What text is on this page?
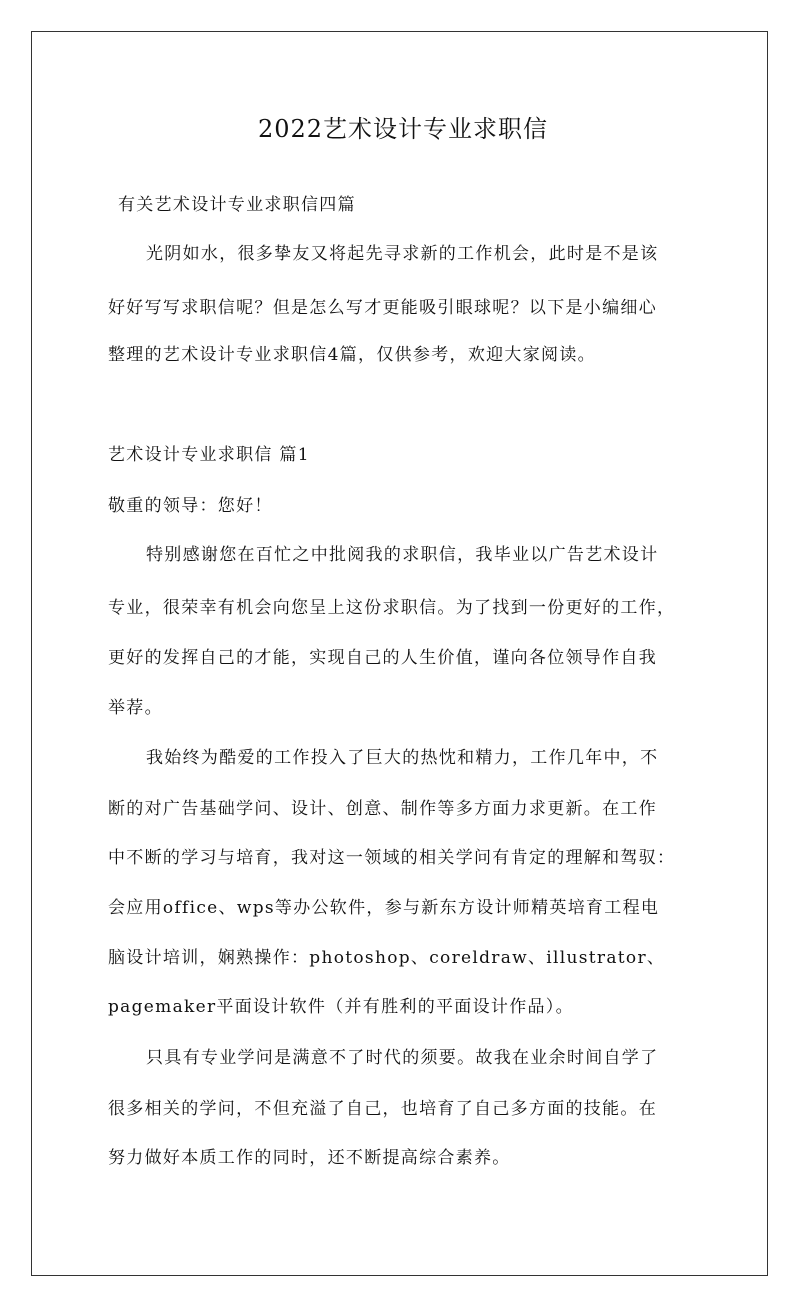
2022艺术设计专业求职信
有关艺术设计专业求职信四篇
光阴如水，很多挚友又将起先寻求新的工作机会，此时是不是该
好好写写求职信呢？但是怎么写才更能吸引眼球呢？以下是小编细心
整理的艺术设计专业求职信4篇，仅供参考，欢迎大家阅读。
艺术设计专业求职信 篇1
敬重的领导：您好！
特别感谢您在百忙之中批阅我的求职信，我毕业以广告艺术设计
专业，很荣幸有机会向您呈上这份求职信。为了找到一份更好的工作，
更好的发挥自己的才能，实现自己的人生价值，谨向各位领导作自我
举荐。
我始终为酷爱的工作投入了巨大的热忱和精力，工作几年中，不
断的对广告基础学问、设计、创意、制作等多方面力求更新。在工作
中不断的学习与培育，我对这一领域的相关学问有肯定的理解和驾驭：
会应用office、wps等办公软件，参与新东方设计师精英培育工程电
脑设计培训，娴熟操作：photoshop、coreldraw、illustrator、
pagemaker平面设计软件（并有胜利的平面设计作品）。
只具有专业学问是满意不了时代的须要。故我在业余时间自学了
很多相关的学问，不但充溢了自己，也培育了自己多方面的技能。在
努力做好本质工作的同时，还不断提高综合素养。
